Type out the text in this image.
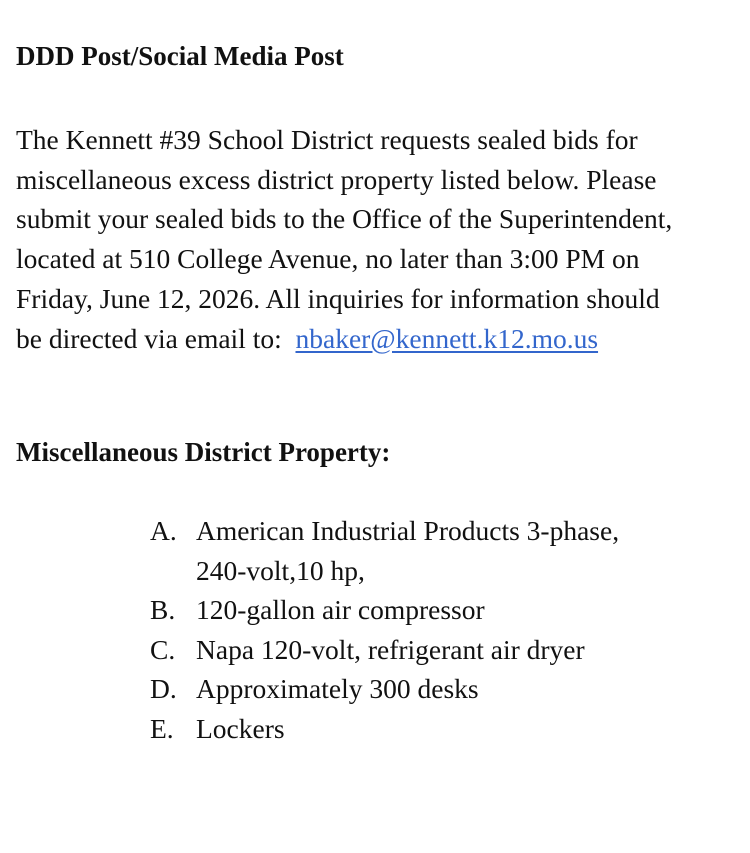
DDD Post/Social Media Post
The Kennett #39 School District requests sealed bids for
miscellaneous excess district property listed below. Please
submit your sealed bids to the Office of the Superintendent,
located at 510 College Avenue, no later than 3:00 PM on
Friday, June 12, 2026. All inquiries for information should
be directed via email to:  nbaker@kennett.k12.mo.us
Miscellaneous District Property:
A. American Industrial Products 3-phase,
240-volt,10 hp,
B. 120-gallon air compressor
C. Napa 120-volt, refrigerant air dryer
D. Approximately 300 desks
E. Lockers
